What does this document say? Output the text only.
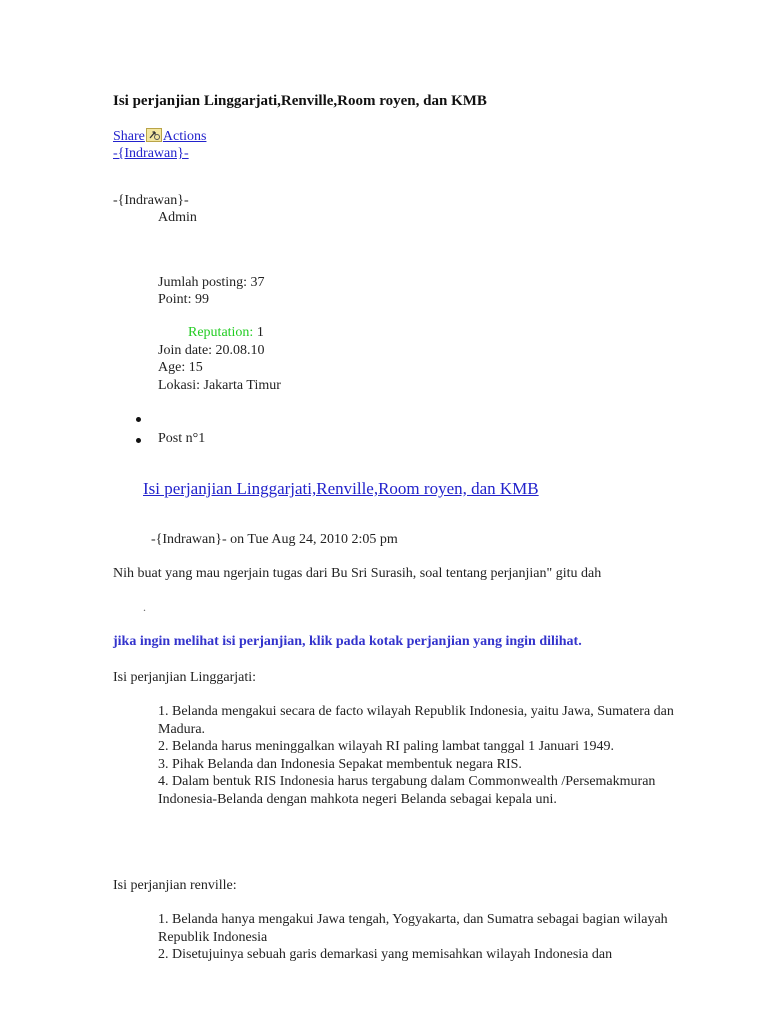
Isi perjanjian Linggarjati,Renville,Room royen, dan KMB
Share Actions
-{Indrawan}-
-{Indrawan}-
Admin
Jumlah posting: 37
Point: 99
Reputation: 1
Join date: 20.08.10
Age: 15
Lokasi: Jakarta Timur
Post n°1
Isi perjanjian Linggarjati,Renville,Room royen, dan KMB
-{Indrawan}- on Tue Aug 24, 2010 2:05 pm
Nih buat yang mau ngerjain tugas dari Bu Sri Surasih, soal tentang perjanjian" gitu dah
.
jika ingin melihat isi perjanjian, klik pada kotak perjanjian yang ingin dilihat.
Isi perjanjian Linggarjati:

1. Belanda mengakui secara de facto wilayah Republik Indonesia, yaitu Jawa, Sumatera dan Madura.

2. Belanda harus meninggalkan wilayah RI paling lambat tanggal 1 Januari 1949.

3. Pihak Belanda dan Indonesia Sepakat membentuk negara RIS.

4. Dalam bentuk RIS Indonesia harus tergabung dalam Commonwealth /Persemakmuran Indonesia-Belanda dengan mahkota negeri Belanda sebagai kepala uni.

Isi perjanjian renville:

1. Belanda hanya mengakui Jawa tengah, Yogyakarta, dan Sumatra sebagai bagian wilayah Republik Indonesia

2. Disetujuinya sebuah garis demarkasi yang memisahkan wilayah Indonesia dan
